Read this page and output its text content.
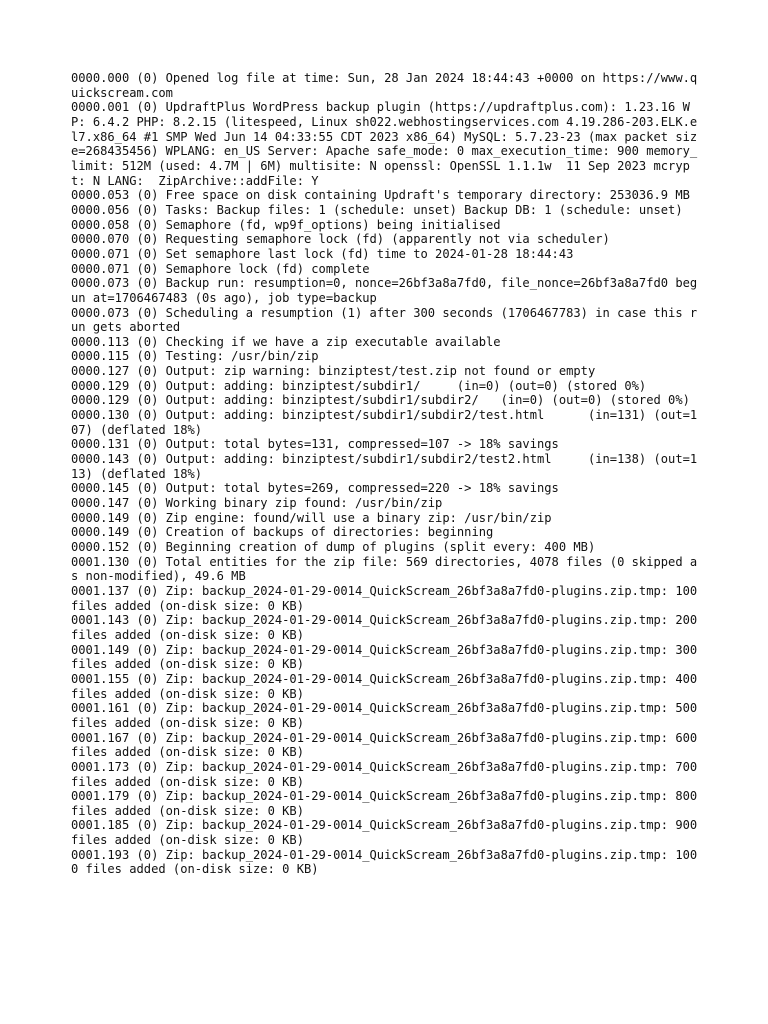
0000.000 (0) Opened log file at time: Sun, 28 Jan 2024 18:44:43 +0000 on https://www.quickscream.com

0000.001 (0) UpdraftPlus WordPress backup plugin (https://updraftplus.com): 1.23.16 WP: 6.4.2 PHP: 8.2.15 (litespeed, Linux sh022.webhostingservices.com 4.19.286-203.ELK.el7.x86_64 #1 SMP Wed Jun 14 04:33:55 CDT 2023 x86_64) MySQL: 5.7.23-23 (max packet size=268435456) WPLANG: en_US Server: Apache safe_mode: 0 max_execution_time: 900 memory_limit: 512M (used: 4.7M | 6M) multisite: N openssl: OpenSSL 1.1.1w  11 Sep 2023 mcrypt: N LANG:  ZipArchive::addFile: Y

0000.053 (0) Free space on disk containing Updraft's temporary directory: 253036.9 MB

0000.056 (0) Tasks: Backup files: 1 (schedule: unset) Backup DB: 1 (schedule: unset)

0000.058 (0) Semaphore (fd, wp9f_options) being initialised

0000.070 (0) Requesting semaphore lock (fd) (apparently not via scheduler)

0000.071 (0) Set semaphore last lock (fd) time to 2024-01-28 18:44:43

0000.071 (0) Semaphore lock (fd) complete

0000.073 (0) Backup run: resumption=0, nonce=26bf3a8a7fd0, file_nonce=26bf3a8a7fd0 begun at=1706467483 (0s ago), job type=backup

0000.073 (0) Scheduling a resumption (1) after 300 seconds (1706467783) in case this run gets aborted

0000.113 (0) Checking if we have a zip executable available

0000.115 (0) Testing: /usr/bin/zip

0000.127 (0) Output: zip warning: binziptest/test.zip not found or empty

0000.129 (0) Output: adding: binziptest/subdir1/     (in=0) (out=0) (stored 0%)

0000.129 (0) Output: adding: binziptest/subdir1/subdir2/   (in=0) (out=0) (stored 0%)

0000.130 (0) Output: adding: binziptest/subdir1/subdir2/test.html      (in=131) (out=107) (deflated 18%)

0000.131 (0) Output: total bytes=131, compressed=107 -> 18% savings

0000.143 (0) Output: adding: binziptest/subdir1/subdir2/test2.html     (in=138) (out=113) (deflated 18%)

0000.145 (0) Output: total bytes=269, compressed=220 -> 18% savings

0000.147 (0) Working binary zip found: /usr/bin/zip

0000.149 (0) Zip engine: found/will use a binary zip: /usr/bin/zip

0000.149 (0) Creation of backups of directories: beginning

0000.152 (0) Beginning creation of dump of plugins (split every: 400 MB)

0001.130 (0) Total entities for the zip file: 569 directories, 4078 files (0 skipped as non-modified), 49.6 MB

0001.137 (0) Zip: backup_2024-01-29-0014_QuickScream_26bf3a8a7fd0-plugins.zip.tmp: 100 files added (on-disk size: 0 KB)

0001.143 (0) Zip: backup_2024-01-29-0014_QuickScream_26bf3a8a7fd0-plugins.zip.tmp: 200 files added (on-disk size: 0 KB)

0001.149 (0) Zip: backup_2024-01-29-0014_QuickScream_26bf3a8a7fd0-plugins.zip.tmp: 300 files added (on-disk size: 0 KB)

0001.155 (0) Zip: backup_2024-01-29-0014_QuickScream_26bf3a8a7fd0-plugins.zip.tmp: 400 files added (on-disk size: 0 KB)

0001.161 (0) Zip: backup_2024-01-29-0014_QuickScream_26bf3a8a7fd0-plugins.zip.tmp: 500 files added (on-disk size: 0 KB)

0001.167 (0) Zip: backup_2024-01-29-0014_QuickScream_26bf3a8a7fd0-plugins.zip.tmp: 600 files added (on-disk size: 0 KB)

0001.173 (0) Zip: backup_2024-01-29-0014_QuickScream_26bf3a8a7fd0-plugins.zip.tmp: 700 files added (on-disk size: 0 KB)

0001.179 (0) Zip: backup_2024-01-29-0014_QuickScream_26bf3a8a7fd0-plugins.zip.tmp: 800 files added (on-disk size: 0 KB)

0001.185 (0) Zip: backup_2024-01-29-0014_QuickScream_26bf3a8a7fd0-plugins.zip.tmp: 900 files added (on-disk size: 0 KB)

0001.193 (0) Zip: backup_2024-01-29-0014_QuickScream_26bf3a8a7fd0-plugins.zip.tmp: 1000 files added (on-disk size: 0 KB)
